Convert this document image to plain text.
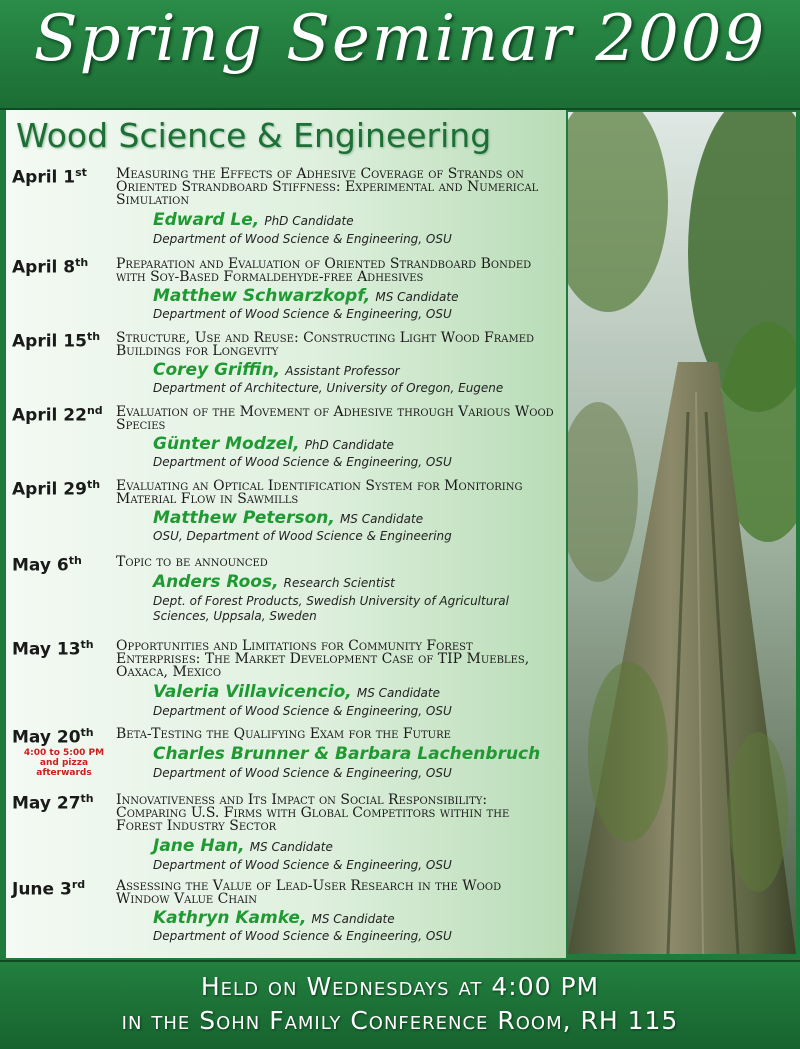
Spring Seminar 2009
Wood Science & Engineering
April 1st Measuring the Effects of Adhesive Coverage of Strands on Oriented Strandboard Stiffness: Experimental and Numerical Simulation
Edward Le, PhD Candidate
Department of Wood Science & Engineering, OSU
April 8th Preparation and Evaluation of Oriented Strandboard Bonded with Soy-Based Formaldehyde-free Adhesives
Matthew Schwarzkopf, MS Candidate
Department of Wood Science & Engineering, OSU
April 15th Structure, Use and Reuse: Constructing Light Wood Framed Buildings for Longevity
Corey Griffin, Assistant Professor
Department of Architecture, University of Oregon, Eugene
April 22nd Evaluation of the Movement of Adhesive through Various Wood Species
Günter Modzel, PhD Candidate
Department of Wood Science & Engineering, OSU
April 29th Evaluating an Optical Identification System for Monitoring Material Flow in Sawmills
Matthew Peterson, MS Candidate
OSU, Department of Wood Science & Engineering
May 6th Topic to be announced
Anders Roos, Research Scientist
Dept. of Forest Products, Swedish University of Agricultural Sciences, Uppsala, Sweden
May 13th Opportunities and Limitations for Community Forest Enterprises: The Market Development Case of TIP Muebles, Oaxaca, Mexico
Valeria Villavicencio, MS Candidate
Department of Wood Science & Engineering, OSU
May 20th
4:00 to 5:00 PM and pizza afterwards
Beta-Testing the Qualifying Exam for the Future
Charles Brunner & Barbara Lachenbruch
Department of Wood Science & Engineering, OSU
May 27th Innovativeness and Its Impact on Social Responsibility: Comparing U.S. Firms with Global Competitors within the Forest Industry Sector
Jane Han, MS Candidate
Department of Wood Science & Engineering, OSU
June 3rd Assessing the Value of Lead-User Research in the Wood Window Value Chain
Kathryn Kamke, MS Candidate
Department of Wood Science & Engineering, OSU
Held on Wednesdays at 4:00 PM
in the Sohn Family Conference Room, RH 115
